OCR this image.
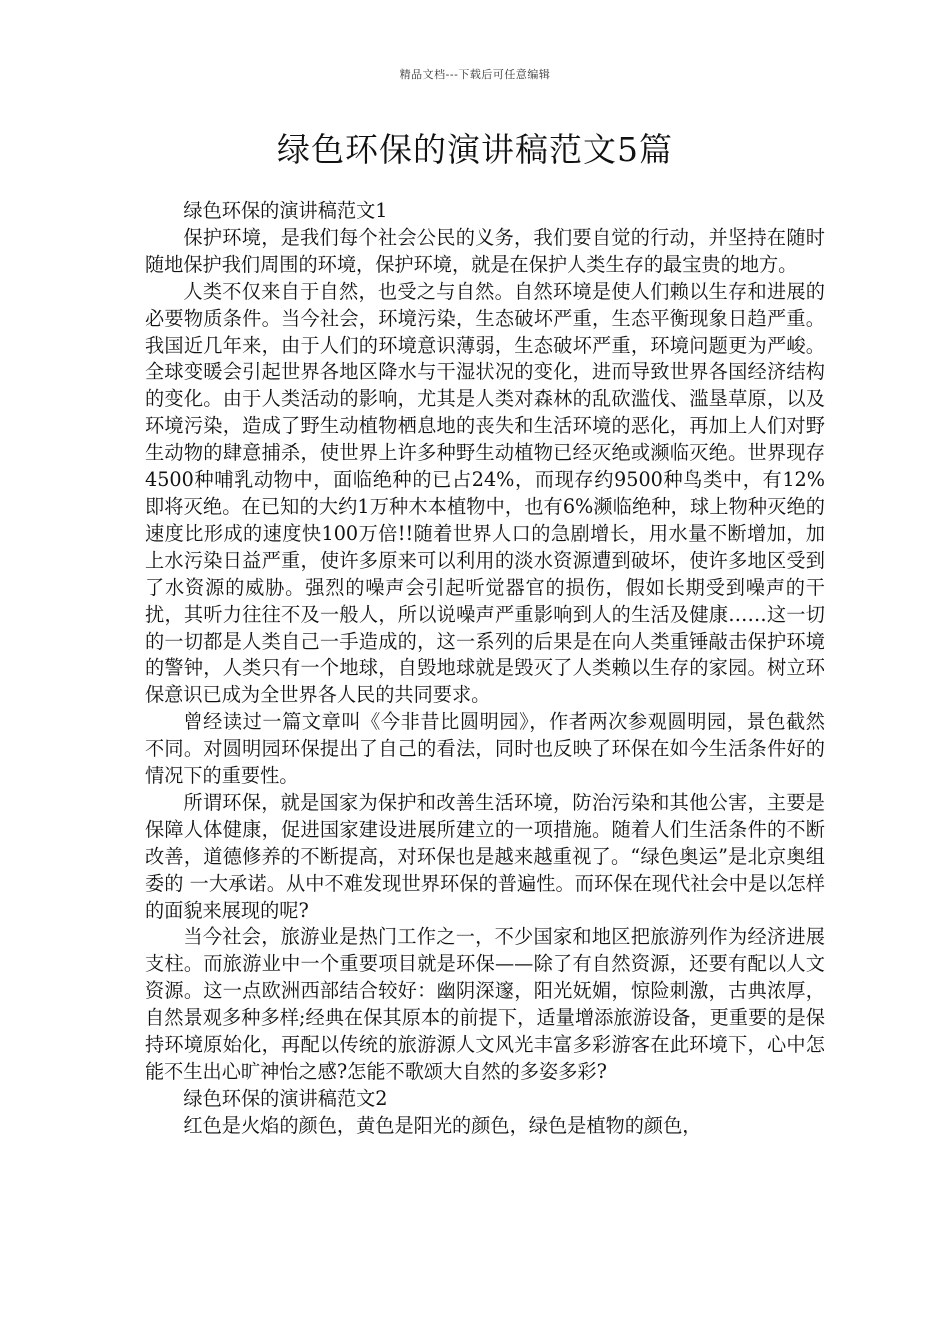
精品文档---下载后可任意编辑
绿色环保的演讲稿范文5篇

绿色环保的演讲稿范文1

保护环境，是我们每个社会公民的义务，我们要自觉的行动，并坚持在随时随地保护我们周围的环境，保护环境，就是在保护人类生存的最宝贵的地方。

人类不仅来自于自然，也受之与自然。自然环境是使人们赖以生存和进展的必要物质条件。当今社会，环境污染，生态破坏严重，生态平衡现象日趋严重。我国近几年来，由于人们的环境意识薄弱，生态破坏严重，环境问题更为严峻。全球变暖会引起世界各地区降水与干湿状况的变化，进而导致世界各国经济结构的变化。由于人类活动的影响，尤其是人类对森林的乱砍滥伐、滥垦草原，以及环境污染，造成了野生动植物栖息地的丧失和生活环境的恶化，再加上人们对野生动物的肆意捕杀，使世界上许多种野生动植物已经灭绝或濒临灭绝。世界现存4500种哺乳动物中，面临绝种的已占24%，而现存约9500种鸟类中，有12%即将灭绝。在已知的大约1万种木本植物中，也有6%濒临绝种，球上物种灭绝的速度比形成的速度快100万倍!!随着世界人口的急剧增长，用水量不断增加，加上水污染日益严重，使许多原来可以利用的淡水资源遭到破坏，使许多地区受到了水资源的威胁。强烈的噪声会引起听觉器官的损伤，假如长期受到噪声的干扰，其听力往往不及一般人，所以说噪声严重影响到人的生活及健康……这一切的一切都是人类自己一手造成的，这一系列的后果是在向人类重锤敲击保护环境的警钟，人类只有一个地球，自毁地球就是毁灭了人类赖以生存的家园。树立环保意识已成为全世界各人民的共同要求。

曾经读过一篇文章叫《今非昔比圆明园》，作者两次参观圆明园，景色截然不同。对圆明园环保提出了自己的看法，同时也反映了环保在如今生活条件好的情况下的重要性。

所谓环保，就是国家为保护和改善生活环境，防治污染和其他公害，主要是保障人体健康，促进国家建设进展所建立的一项措施。随着人们生活条件的不断改善，道德修养的不断提高，对环保也是越来越重视了。“绿色奥运”是北京奥组委的 一大承诺。从中不难发现世界环保的普遍性。而环保在现代社会中是以怎样的面貌来展现的呢?

当今社会，旅游业是热门工作之一，不少国家和地区把旅游列作为经济进展支柱。而旅游业中一个重要项目就是环保——除了有自然资源，还要有配以人文资源。这一点欧洲西部结合较好：幽阴深邃，阳光妩媚，惊险刺激，古典浓厚，自然景观多种多样;经典在保其原本的前提下，适量增添旅游设备，更重要的是保持环境原始化，再配以传统的旅游源人文风光丰富多彩游客在此环境下，心中怎能不生出心旷神怡之感?怎能不歌颂大自然的多姿多彩?

绿色环保的演讲稿范文2

红色是火焰的颜色，黄色是阳光的颜色，绿色是植物的颜色，
